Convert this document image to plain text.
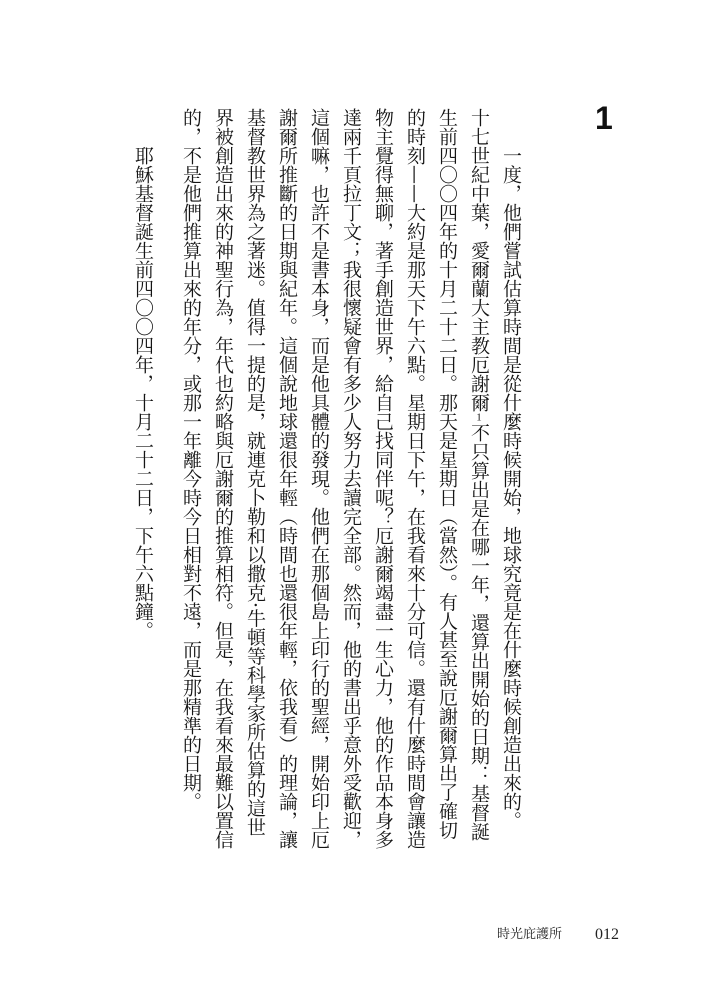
1
一度，他們嘗試估算時間是從什麼時候開始，地球究竟是在什麼時候創造出來的。
十七世紀中葉，愛爾蘭大主教厄謝爾1不只算出是在哪一年，還算出開始的日期：基督誕
生前四〇〇四年的十月二十二日。那天是星期日（當然）。有人甚至說厄謝爾算出了確切
的時刻——大約是那天下午六點。星期日下午，在我看來十分可信。還有什麼時間會讓造
物主覺得無聊，著手創造世界，給自己找同伴呢？厄謝爾竭盡一生心力，他的作品本身多
達兩千頁拉丁文；我很懷疑會有多少人努力去讀完全部。然而，他的書出乎意外受歡迎，
這個嘛，也許不是書本身，而是他具體的發現。他們在那個島上印行的聖經，開始印上厄
謝爾所推斷的日期與紀年。這個說地球還很年輕（時間也還很年輕，依我看）的理論，讓
基督教世界為之著迷。值得一提的是，就連克卜勒和以撒克·牛頓等科學家所估算的這世
界被創造出來的神聖行為，年代也約略與厄謝爾的推算相符。但是，在我看來最難以置信
的，不是他們推算出來的年分，或那一年離今時今日相對不遠，而是那精準的日期。
耶穌基督誕生前四〇〇四年，十月二十二日，下午六點鐘。
時光庇護所 012
